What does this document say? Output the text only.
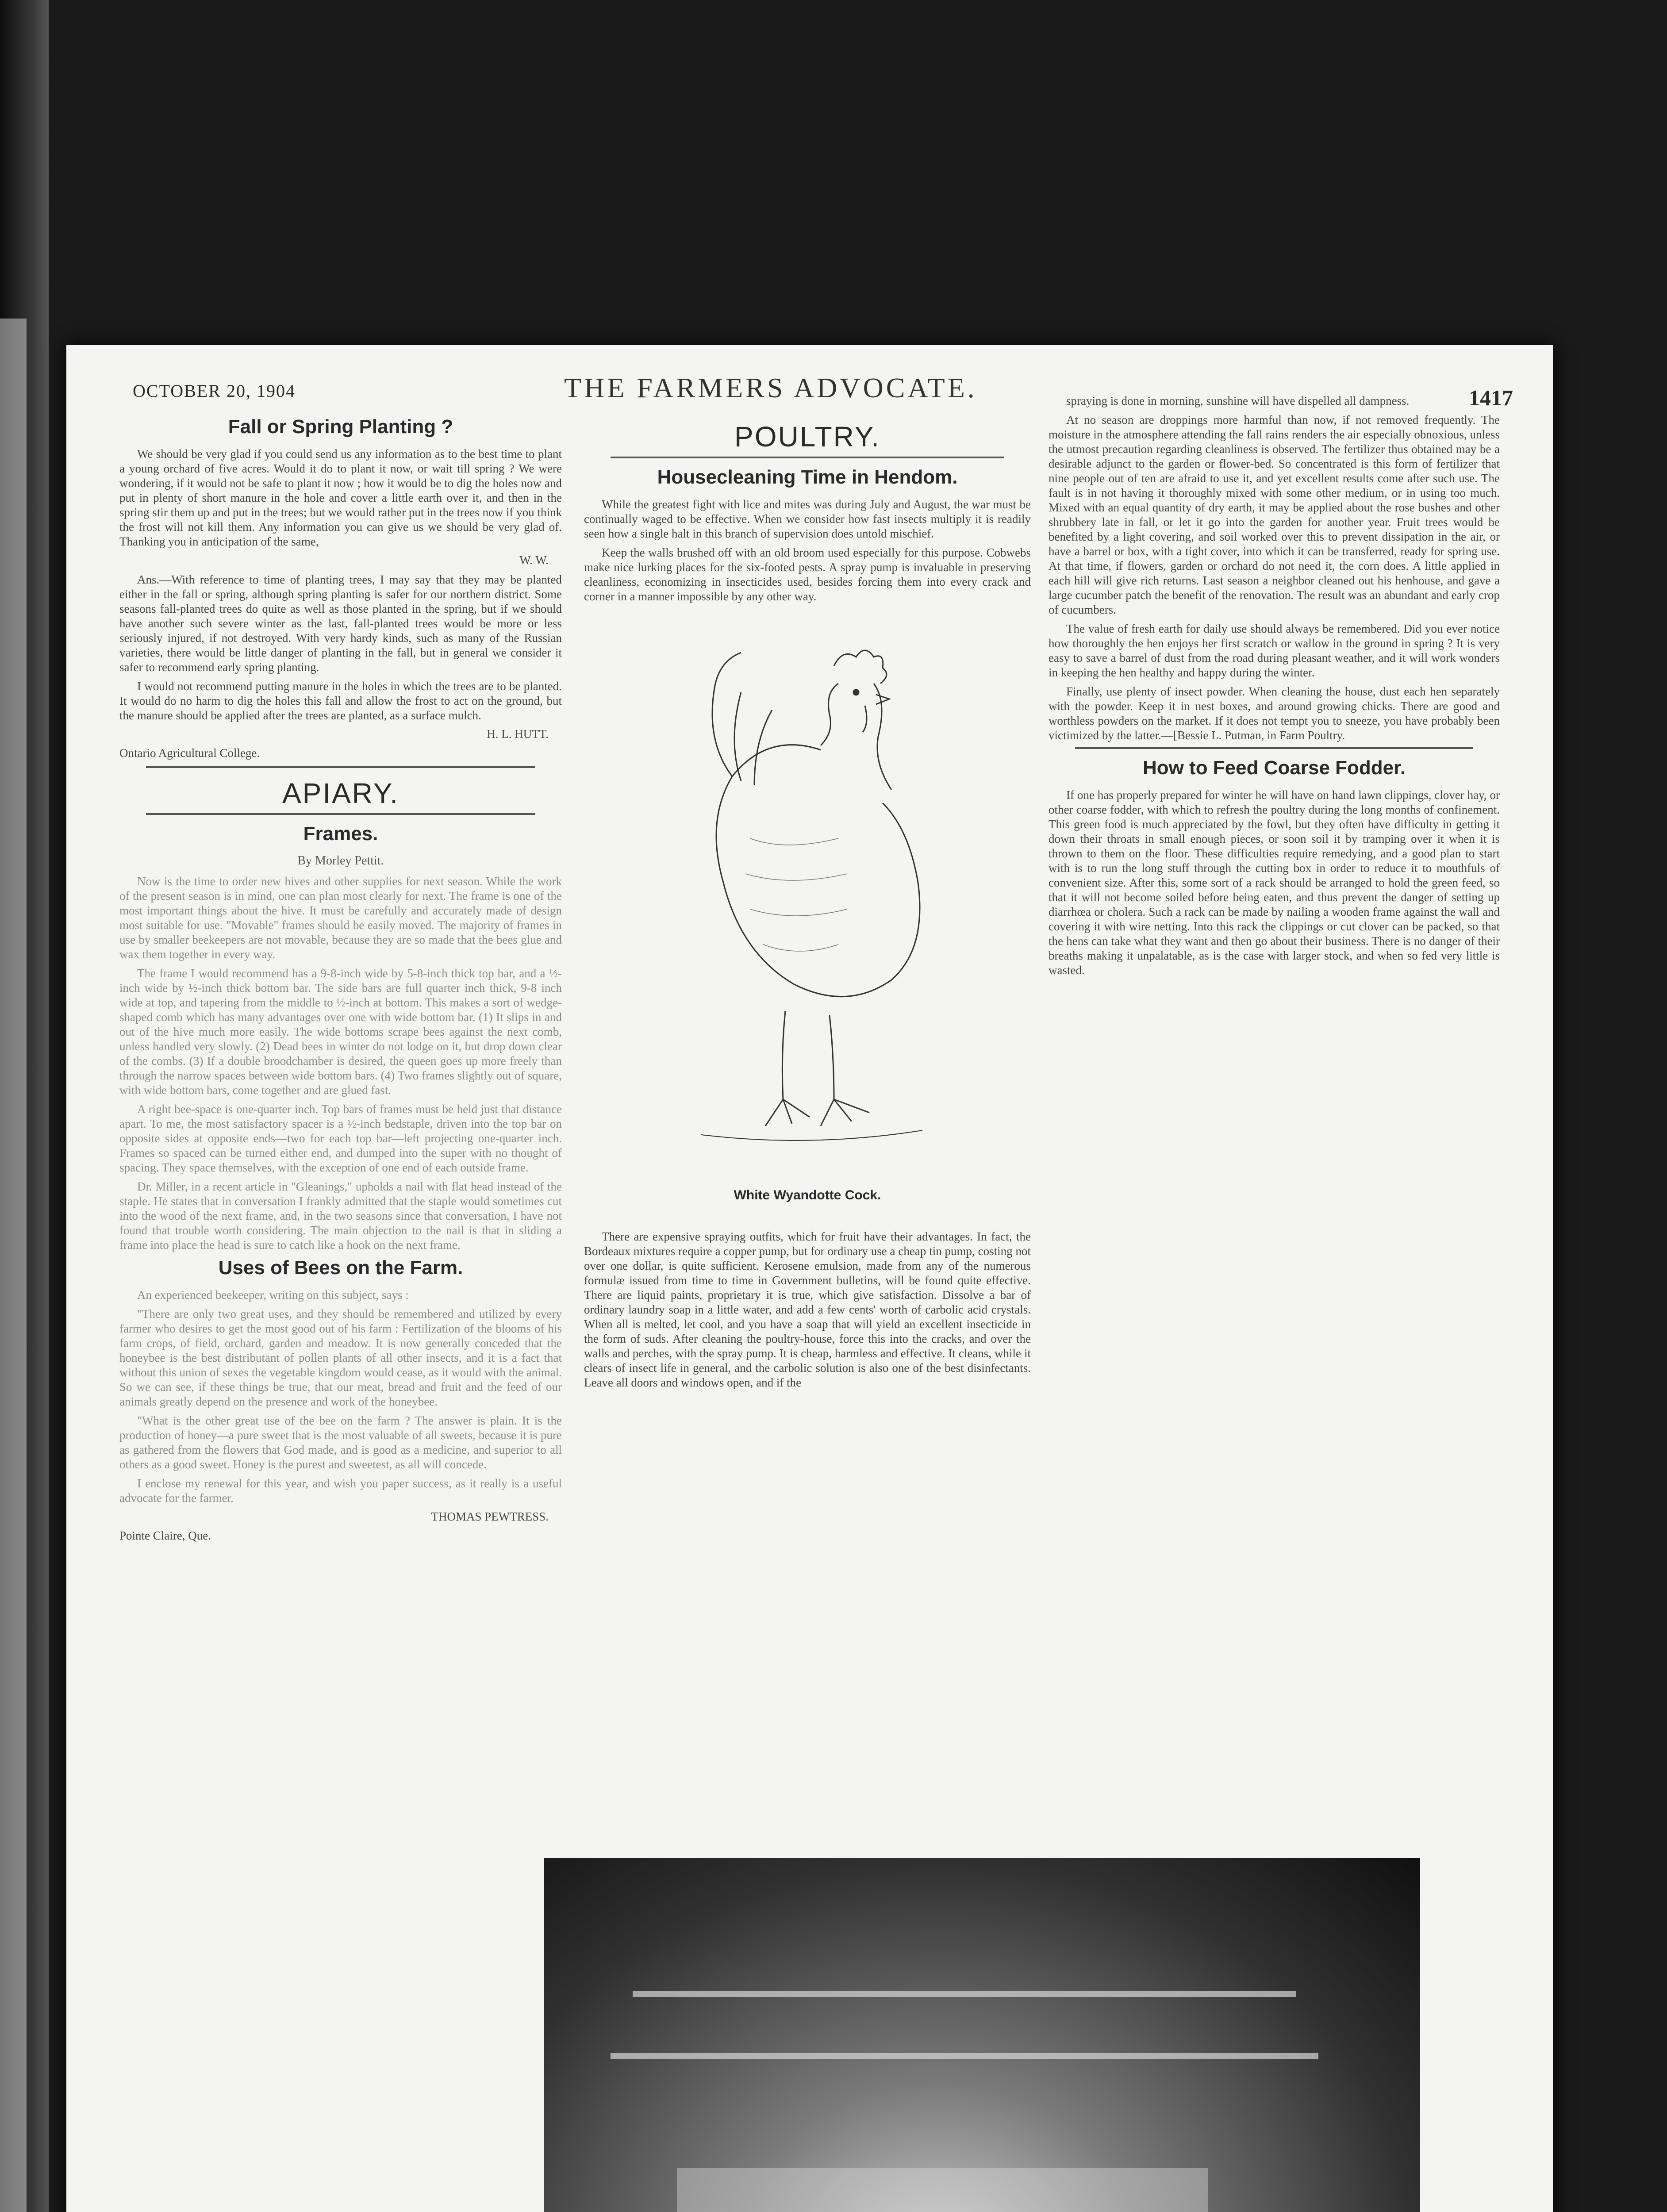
OCTOBER 20, 1904	THE FARMERS ADVOCATE.	1417
Fall or Spring Planting ?

We should be very glad if you could send us any information as to the best time to plant a young orchard of five acres. Would it do to plant it now, or wait till spring ? We were wondering, if it would not be safe to plant it now ; how it would be to dig the holes now and put in plenty of short manure in the hole and cover a little earth over it, and then in the spring stir them up and put in the trees; but we would rather put in the trees now if you think the frost will not kill them. Any information you can give us we should be very glad of. Thanking you in anticipation of the same,

W. W.

Ans.—With reference to time of planting trees, I may say that they may be planted either in the fall or spring, although spring planting is safer for our northern district. Some seasons fall-planted trees do quite as well as those planted in the spring, but if we should have another such severe winter as the last, fall-planted trees would be more or less seriously injured, if not destroyed. With very hardy kinds, such as many of the Russian varieties, there would be little danger of planting in the fall, but in general we consider it safer to recommend early spring planting.

I would not recommend putting manure in the holes in which the trees are to be planted. It would do no harm to dig the holes this fall and allow the frost to act on the ground, but the manure should be applied after the trees are planted, as a surface mulch.

H. L. HUTT.
Ontario Agricultural College.
APIARY.
Frames.
By Morley Pettit.

Now is the time to order new hives and other supplies for next season. While the work of the present season is in mind, one can plan most clearly for next. The frame is one of the most important things about the hive. It must be carefully and accurately made of design most suitable for use. "Movable" frames should be easily moved. The majority of frames in use by smaller beekeepers are not movable, because they are so made that the bees glue and wax them together in every way.

The frame I would recommend has a 9-8-inch wide by 5-8-inch thick top bar, and a ½-inch wide by ½-inch thick bottom bar. The side bars are full quarter inch thick, 9-8 inch wide at top, and tapering from the middle to ½-inch at bottom. This makes a sort of wedge-shaped comb which has many advantages over one with wide bottom bar. (1) It slips in and out of the hive much more easily. The wide bottoms scrape bees against the next comb, unless handled very slowly. (2) Dead bees in winter do not lodge on it, but drop down clear of the combs. (3) If a double broodchamber is desired, the queen goes up more freely than through the narrow spaces between wide bottom bars. (4) Two frames slightly out of square, with wide bottom bars, come together and are glued fast.

A right bee-space is one-quarter inch. Top bars of frames must be held just that distance apart. To me, the most satisfactory spacer is a ½-inch bedstaple, driven into the top bar on opposite sides at opposite ends—two for each top bar—left projecting one-quarter inch. Frames so spaced can be turned either end, and dumped into the super with no thought of spacing. They space themselves, with the exception of one end of each outside frame.

Dr. Miller, in a recent article in "Gleanings," upholds a nail with flat head instead of the staple. He states that in conversation I frankly admitted that the staple would sometimes cut into the wood of the next frame, and, in the two seasons since that conversation, I have not found that trouble worth considering. The main objection to the nail is that in sliding a frame into place the head is sure to catch like a hook on the next frame.

Uses of Bees on the Farm.

An experienced beekeeper, writing on this subject, says :

"There are only two great uses, and they should be remembered and utilized by every farmer who desires to get the most good out of his farm : Fertilization of the blooms of his farm crops, of field, orchard, garden and meadow. It is now generally conceded that the honeybee is the best distributant of pollen plants of all other insects, and it is a fact that without this union of sexes the vegetable kingdom would cease, as it would with the animal. So we can see, if these things be true, that our meat, bread and fruit and the feed of our animals greatly depend on the presence and work of the honeybee.

"What is the other great use of the bee on the farm ? The answer is plain. It is the production of honey—a pure sweet that is the most valuable of all sweets, because it is pure as gathered from the flowers that God made, and is good as a medicine, and superior to all others as a good sweet. Honey is the purest and sweetest, as all will concede.

I enclose my renewal for this year, and wish you paper success, as it really is a useful advocate for the farmer.

THOMAS PEWTRESS.
Pointe Claire, Que.
POULTRY.
Housecleaning Time in Hendom.

While the greatest fight with lice and mites was during July and August, the war must be continually waged to be effective. When we consider how fast insects multiply it is readily seen how a single halt in this branch of supervision does untold mischief.

Keep the walls brushed off with an old broom used especially for this purpose. Cobwebs make nice lurking places for the six-footed pests. A spray pump is invaluable in preserving cleanliness, economizing in insecticides used, besides forcing them into every crack and corner in a manner impossible by any other way.

White Wyandotte Cock.

There are expensive spraying outfits, which for fruit have their advantages. In fact, the Bordeaux mixtures require a copper pump, but for ordinary use a cheap tin pump, costing not over one dollar, is quite sufficient. Kerosene emulsion, made from any of the numerous formulæ issued from time to time in Government bulletins, will be found quite effective. There are liquid paints, proprietary it is true, which give satisfaction. Dissolve a bar of ordinary laundry soap in a little water, and add a few cents' worth of carbolic acid crystals. When all is melted, let cool, and you have a soap that will yield an excellent insecticide in the form of suds. After cleaning the poultry-house, force this into the cracks, and over the walls and perches, with the spray pump. It is cheap, harmless and effective. It cleans, while it clears of insect life in general, and the carbolic solution is also one of the best disinfectants. Leave all doors and windows open, and if the

spraying is done in morning, sunshine will have dispelled all dampness.

At no season are droppings more harmful than now, if not removed frequently. The moisture in the atmosphere attending the fall rains renders the air especially obnoxious, unless the utmost precaution regarding cleanliness is observed. The fertilizer thus obtained may be a desirable adjunct to the garden or flower-bed. So concentrated is this form of fertilizer that nine people out of ten are afraid to use it, and yet excellent results come after such use. The fault is in not having it thoroughly mixed with some other medium, or in using too much. Mixed with an equal quantity of dry earth, it may be applied about the rose bushes and other shrubbery late in fall, or let it go into the garden for another year. Fruit trees would be benefited by a light covering, and soil worked over this to prevent dissipation in the air, or have a barrel or box, with a tight cover, into which it can be transferred, ready for spring use. At that time, if flowers, garden or orchard do not need it, the corn does. A little applied in each hill will give rich returns. Last season a neighbor cleaned out his henhouse, and gave a large cucumber patch the benefit of the renovation. The result was an abundant and early crop of cucumbers.

The value of fresh earth for daily use should always be remembered. Did you ever notice how thoroughly the hen enjoys her first scratch or wallow in the ground in spring ? It is very easy to save a barrel of dust from the road during pleasant weather, and it will work wonders in keeping the hen healthy and happy during the winter.

Finally, use plenty of insect powder. When cleaning the house, dust each hen separately with the powder. Keep it in nest boxes, and around growing chicks. There are good and worthless powders on the market. If it does not tempt you to sneeze, you have probably been victimized by the latter.—[Bessie L. Putman, in Farm Poultry.

How to Feed Coarse Fodder.

If one has properly prepared for winter he will have on hand lawn clippings, clover hay, or other coarse fodder, with which to refresh the poultry during the long months of confinement. This green food is much appreciated by the fowl, but they often have difficulty in getting it down their throats in small enough pieces, or soon soil it by tramping over it when it is thrown to them on the floor. These difficulties require remedying, and a good plan to start with is to run the long stuff through the cutting box in order to reduce it to mouthfuls of convenient size. After this, some sort of a rack should be arranged to hold the green feed, so that it will not become soiled before being eaten, and thus prevent the danger of setting up diarrhœa or cholera. Such a rack can be made by nailing a wooden frame against the wall and covering it with wire netting. Into this rack the clippings or cut clover can be packed, so that the hens can take what they want and then go about their business. There is no danger of their breaths making it unpalatable, as is the case with larger stock, and when so fed very little is wasted.
